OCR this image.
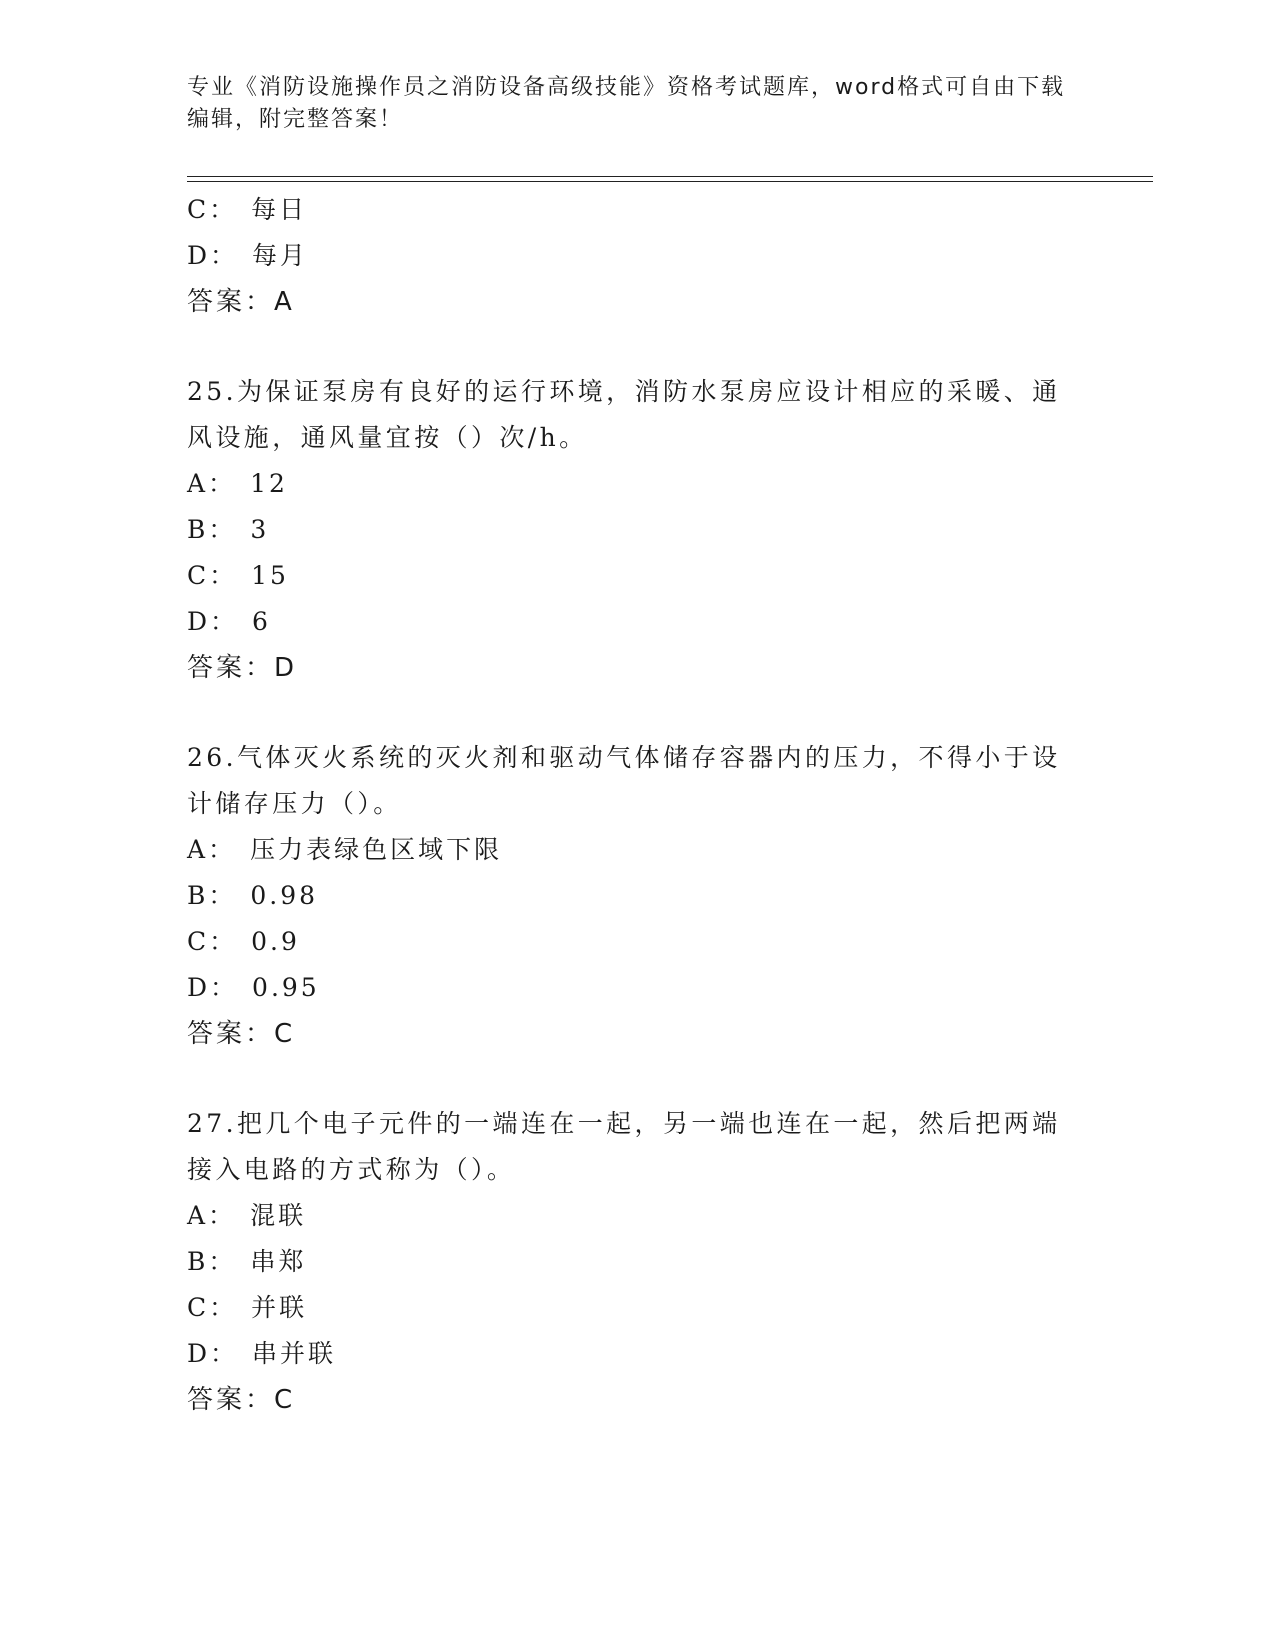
专业《消防设施操作员之消防设备高级技能》资格考试题库，word格式可自由下载编辑，附完整答案！
C： 每日
D： 每月
答案：A
25.为保证泵房有良好的运行环境，消防水泵房应设计相应的采暖、通
风设施，通风量宜按（）次/h。
A： 12
B： 3
C： 15
D： 6
答案：D
26.气体灭火系统的灭火剂和驱动气体储存容器内的压力，不得小于设
计储存压力（）。
A： 压力表绿色区域下限
B： 0.98
C： 0.9
D： 0.95
答案：C
27.把几个电子元件的一端连在一起，另一端也连在一起，然后把两端
接入电路的方式称为（）。
A： 混联
B： 串郑
C： 并联
D： 串并联
答案：C
